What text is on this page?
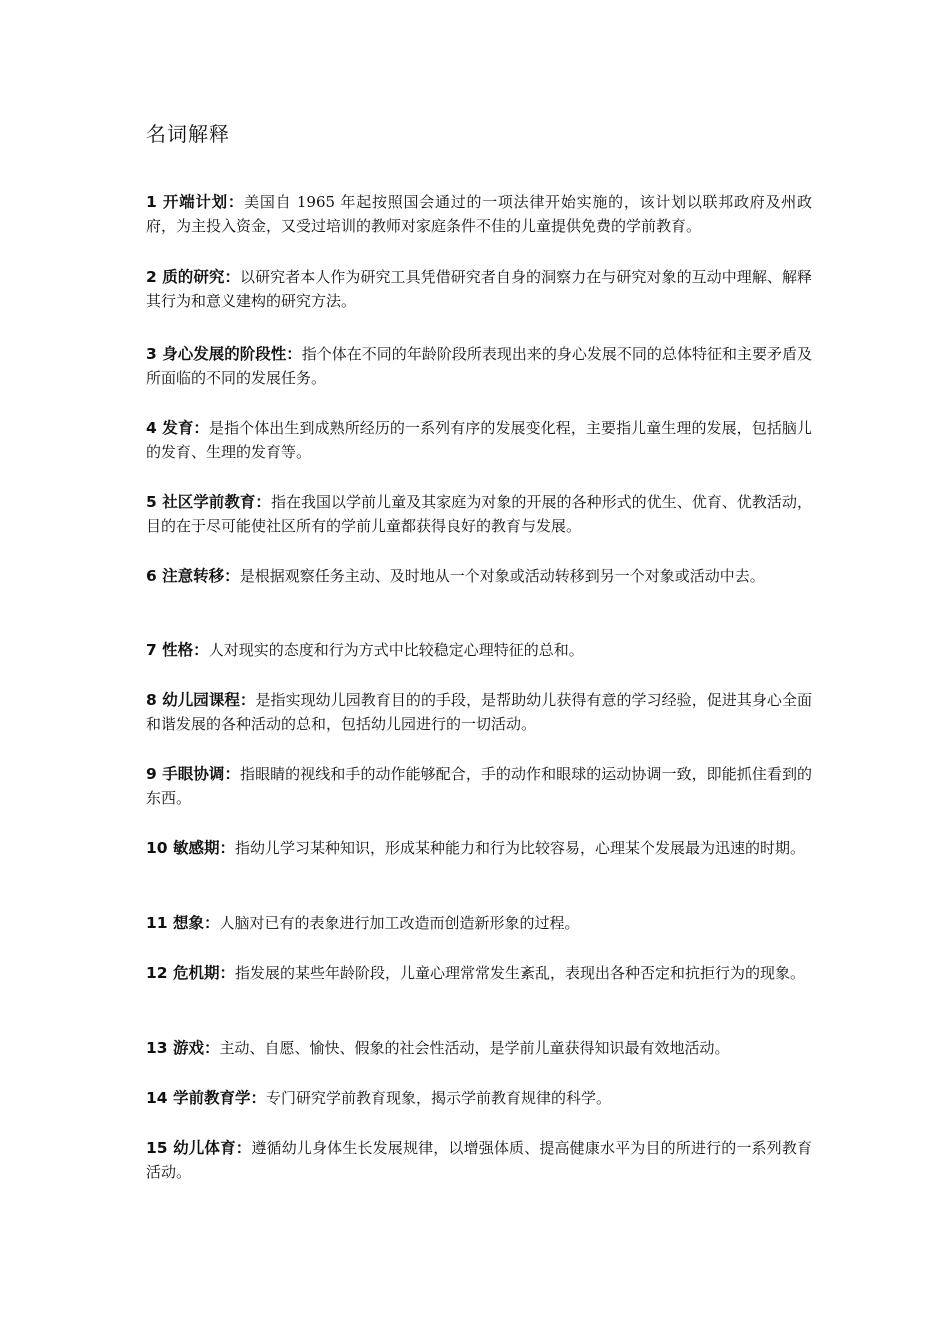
名词解释

1 开端计划：美国自 1965 年起按照国会通过的一项法律开始实施的，该计划以联邦政府及州政府，为主投入资金，又受过培训的教师对家庭条件不佳的儿童提供免费的学前教育。

2 质的研究：以研究者本人作为研究工具凭借研究者自身的洞察力在与研究对象的互动中理解、解释其行为和意义建构的研究方法。

3 身心发展的阶段性：指个体在不同的年龄阶段所表现出来的身心发展不同的总体特征和主要矛盾及所面临的不同的发展任务。

4 发育：是指个体出生到成熟所经历的一系列有序的发展变化程，主要指儿童生理的发展，包括脑儿的发育、生理的发育等。

5 社区学前教育：指在我国以学前儿童及其家庭为对象的开展的各种形式的优生、优育、优教活动，目的在于尽可能使社区所有的学前儿童都获得良好的教育与发展。

6 注意转移：是根据观察任务主动、及时地从一个对象或活动转移到另一个对象或活动中去。

7 性格：人对现实的态度和行为方式中比较稳定心理特征的总和。

8 幼儿园课程：是指实现幼儿园教育目的的手段，是帮助幼儿获得有意的学习经验，促进其身心全面和谐发展的各种活动的总和，包括幼儿园进行的一切活动。

9 手眼协调：指眼睛的视线和手的动作能够配合，手的动作和眼球的运动协调一致，即能抓住看到的东西。

10 敏感期：指幼儿学习某种知识，形成某种能力和行为比较容易，心理某个发展最为迅速的时期。

11 想象：人脑对已有的表象进行加工改造而创造新形象的过程。

12 危机期：指发展的某些年龄阶段，儿童心理常常发生紊乱，表现出各种否定和抗拒行为的现象。

13 游戏：主动、自愿、愉快、假象的社会性活动，是学前儿童获得知识最有效地活动。

14 学前教育学：专门研究学前教育现象，揭示学前教育规律的科学。

15 幼儿体育：遵循幼儿身体生长发展规律，以增强体质、提高健康水平为目的所进行的一系列教育活动。
